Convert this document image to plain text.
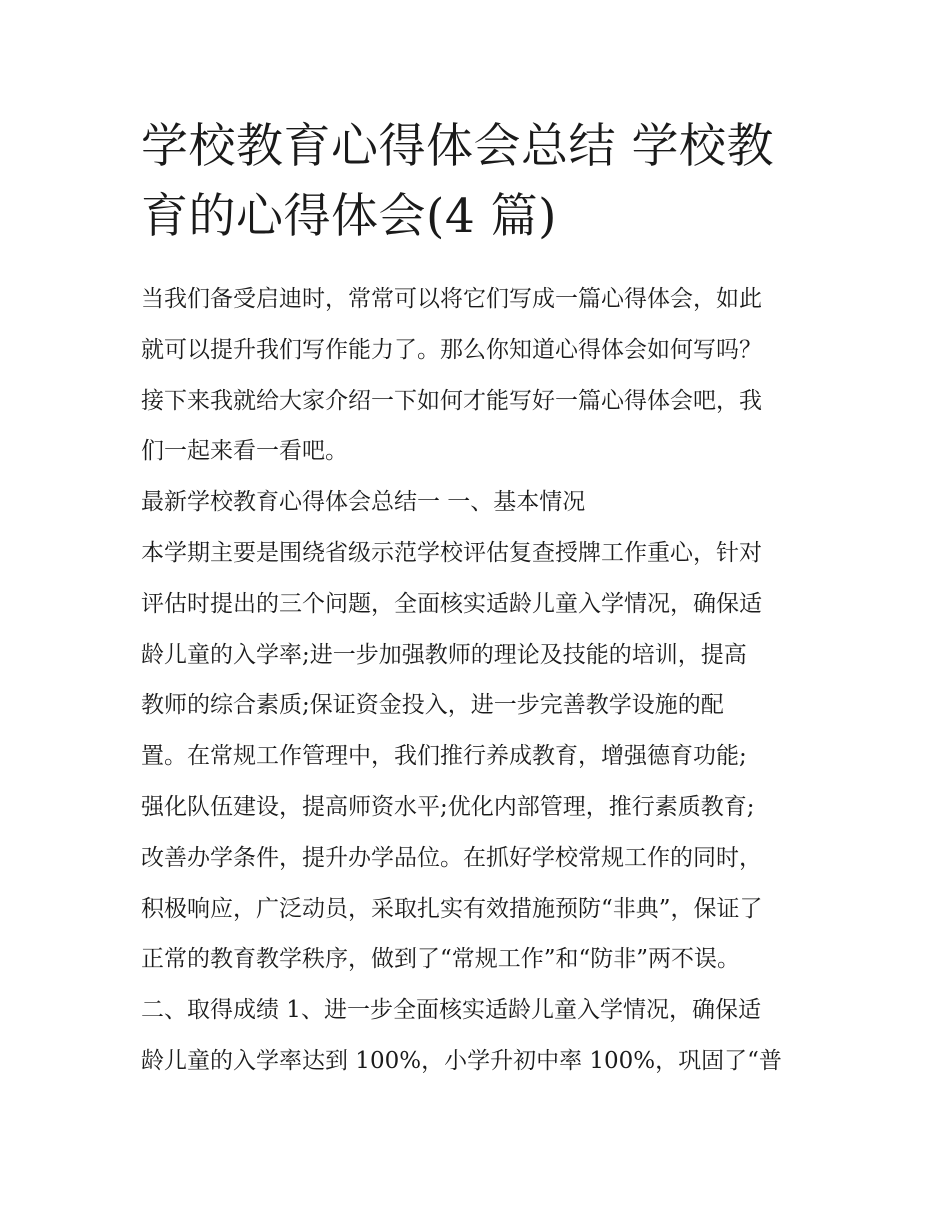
学校教育心得体会总结 学校教
育的心得体会(4 篇)

当我们备受启迪时，常常可以将它们写成一篇心得体会，如此
就可以提升我们写作能力了。那么你知道心得体会如何写吗？
接下来我就给大家介绍一下如何才能写好一篇心得体会吧，我
们一起来看一看吧。

最新学校教育心得体会总结一 一、基本情况

本学期主要是围绕省级示范学校评估复查授牌工作重心，针对
评估时提出的三个问题，全面核实适龄儿童入学情况，确保适
龄儿童的入学率;进一步加强教师的理论及技能的培训，提高
教师的综合素质;保证资金投入，进一步完善教学设施的配
置。在常规工作管理中，我们推行养成教育，增强德育功能;
强化队伍建设，提高师资水平;优化内部管理，推行素质教育;
改善办学条件，提升办学品位。在抓好学校常规工作的同时，
积极响应，广泛动员，采取扎实有效措施预防“非典”，保证了
正常的教育教学秩序，做到了“常规工作”和“防非”两不误。

二、取得成绩 1、进一步全面核实适龄儿童入学情况，确保适
龄儿童的入学率达到 100%，小学升初中率 100%，巩固了“普
